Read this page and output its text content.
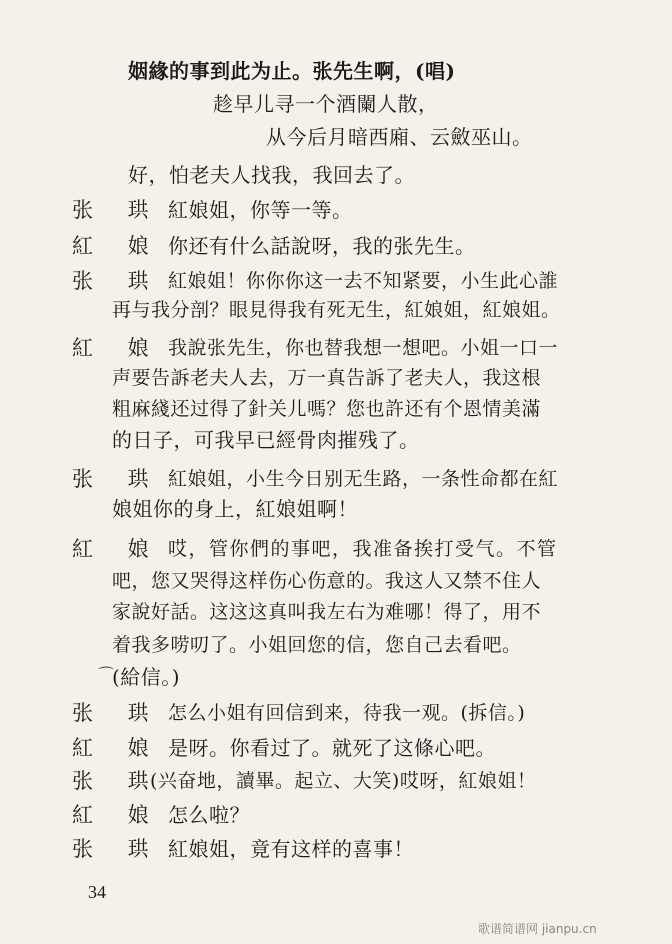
姻緣的事到此为止。张先生啊，(唱)
趁早儿寻一个酒闌人散，
从今后月暗西廂、云斂巫山。
好，怕老夫人找我，我回去了。
张 珙 紅娘姐，你等一等。
紅 娘 你还有什么話說呀，我的张先生。
张 珙 紅娘姐！你你你这一去不知紧要，小生此心誰
再与我分剖？眼見得我有死无生，紅娘姐，紅娘姐。
紅 娘 我說张先生，你也替我想一想吧。小姐一口一
声要告訴老夫人去，万一真告訴了老夫人，我这根
粗麻綫还过得了針关儿嗎？您也許还有个恩情美滿
的日子，可我早已經骨肉摧残了。
张 珙 紅娘姐，小生今日别无生路，一条性命都在紅
娘姐你的身上，紅娘姐啊！
紅 娘 哎，管你們的事吧，我准备挨打受气。不管
吧，您又哭得这样伤心伤意的。我这人又禁不住人
家說好話。这这这真叫我左右为难哪！得了，用不
着我多唠叨了。小姐回您的信，您自己去看吧。
⌒
(給信。)
张 珙 怎么小姐有回信到来，待我一观。(拆信。)
紅 娘 是呀。你看过了。就死了这條心吧。
张 珙
(兴奋地，讀畢。起立、大笑)哎呀，紅娘姐！
紅 娘 怎么啦？
张 珙 紅娘姐，竟有这样的喜事！
34
歌谱简谱网 jianpu.cn
